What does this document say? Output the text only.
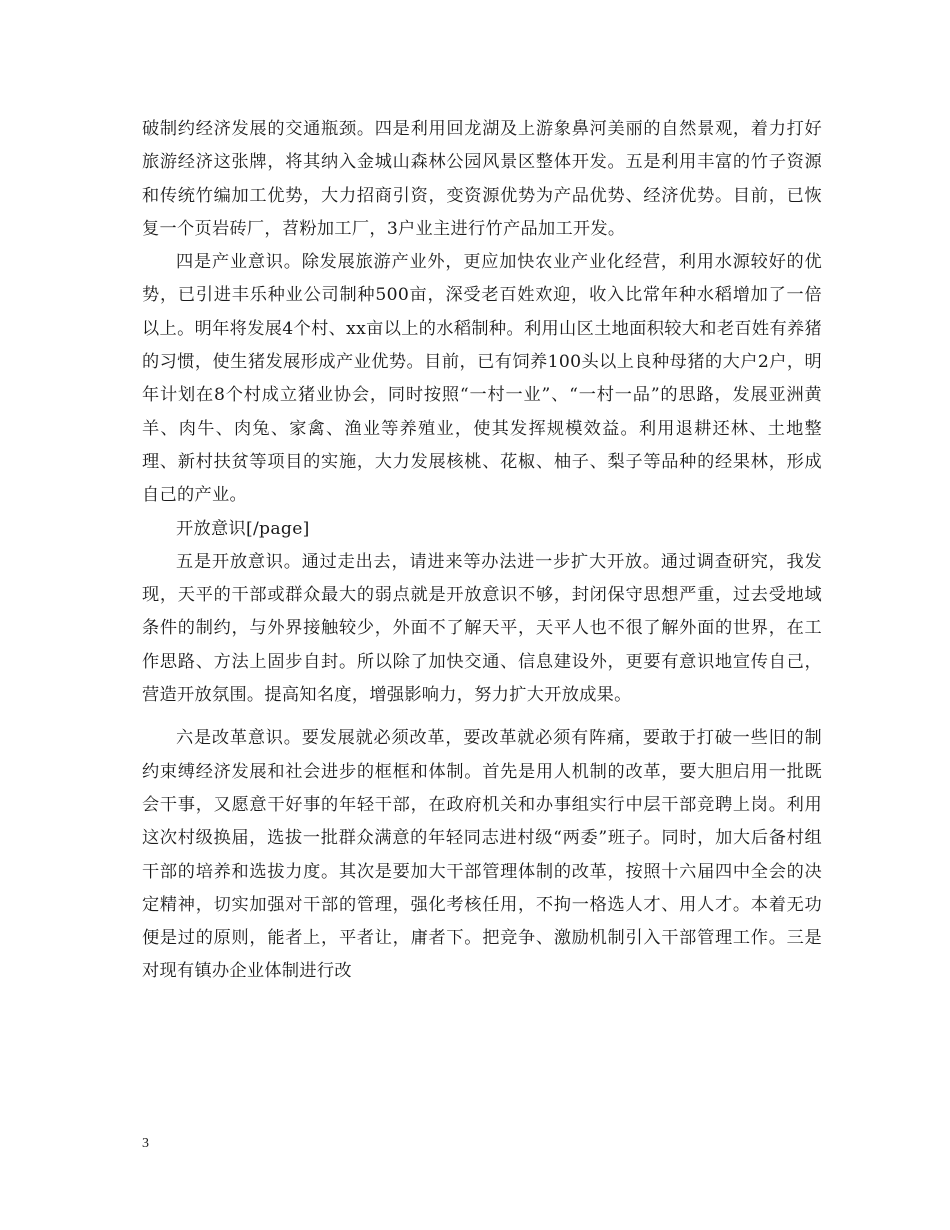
破制约经济发展的交通瓶颈。四是利用回龙湖及上游象鼻河美丽的自然景观，着力打好旅游经济这张牌，将其纳入金城山森林公园风景区整体开发。五是利用丰富的竹子资源和传统竹编加工优势，大力招商引资，变资源优势为产品优势、经济优势。目前，已恢复一个页岩砖厂，苕粉加工厂，3户业主进行竹产品加工开发。

四是产业意识。除发展旅游产业外，更应加快农业产业化经营，利用水源较好的优势，已引进丰乐种业公司制种500亩，深受老百姓欢迎，收入比常年种水稻增加了一倍以上。明年将发展4个村、xx亩以上的水稻制种。利用山区土地面积较大和老百姓有养猪的习惯，使生猪发展形成产业优势。目前，已有饲养100头以上良种母猪的大户2户，明年计划在8个村成立猪业协会，同时按照“一村一业”、“一村一品”的思路，发展亚洲黄羊、肉牛、肉兔、家禽、渔业等养殖业，使其发挥规模效益。利用退耕还林、土地整理、新村扶贫等项目的实施，大力发展核桃、花椒、柚子、梨子等品种的经果林，形成自己的产业。

开放意识[/page]

五是开放意识。通过走出去，请进来等办法进一步扩大开放。通过调查研究，我发现，天平的干部或群众最大的弱点就是开放意识不够，封闭保守思想严重，过去受地域条件的制约，与外界接触较少，外面不了解天平，天平人也不很了解外面的世界，在工作思路、方法上固步自封。所以除了加快交通、信息建设外，更要有意识地宣传自己，营造开放氛围。提高知名度，增强影响力，努力扩大开放成果。

六是改革意识。要发展就必须改革，要改革就必须有阵痛，要敢于打破一些旧的制约束缚经济发展和社会进步的框框和体制。首先是用人机制的改革，要大胆启用一批既会干事，又愿意干好事的年轻干部，在政府机关和办事组实行中层干部竞聘上岗。利用这次村级换届，选拔一批群众满意的年轻同志进村级“两委”班子。同时，加大后备村组干部的培养和选拔力度。其次是要加大干部管理体制的改革，按照十六届四中全会的决定精神，切实加强对干部的管理，强化考核任用，不拘一格选人才、用人才。本着无功便是过的原则，能者上，平者让，庸者下。把竞争、激励机制引入干部管理工作。三是对现有镇办企业体制进行改

3
